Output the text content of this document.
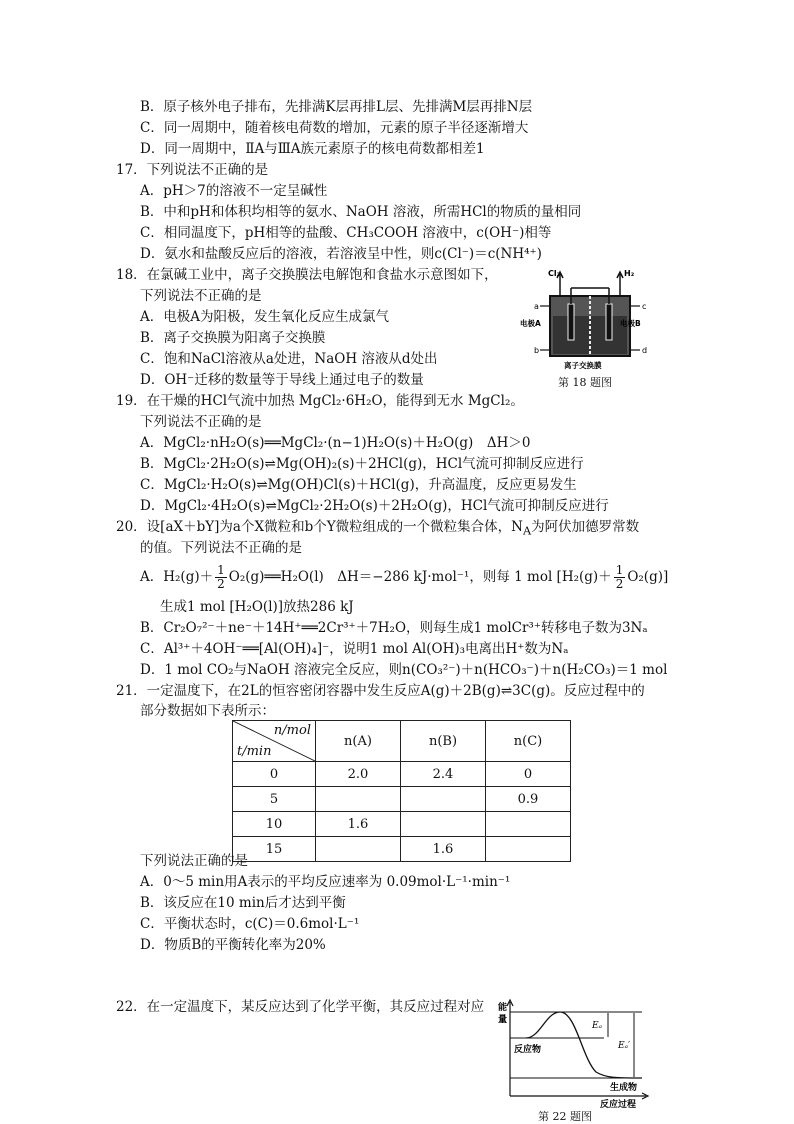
B．原子核外电子排布，先排满K层再排L层、先排满M层再排N层
C．同一周期中，随着核电荷数的增加，元素的原子半径逐渐增大
D．同一周期中，ⅡA与ⅢA族元素原子的核电荷数都相差1
17．下列说法不正确的是
A．pH＞7的溶液不一定呈碱性
B．中和pH和体积均相等的氨水、NaOH 溶液，所需HCl的物质的量相同
C．相同温度下，pH相等的盐酸、CH₃COOH 溶液中，c(OH⁻)相等
D．氨水和盐酸反应后的溶液，若溶液呈中性，则c(Cl⁻)＝c(NH⁴⁺)
18．在氯碱工业中，离子交换膜法电解饱和食盐水示意图如下，
下列说法不正确的是
A．电极A为阳极，发生氧化反应生成氯气
B．离子交换膜为阳离子交换膜
C．饱和NaCl溶液从a处进，NaOH 溶液从d处出
D．OH⁻迁移的数量等于导线上通过电子的数量
Cl₂	H₂
a	c
b	d
电极A	电极B
离子交换膜
第 18 题图
19．在干燥的HCl气流中加热 MgCl₂·6H₂O，能得到无水 MgCl₂。
下列说法不正确的是
A．MgCl₂·nH₂O(s)══MgCl₂·(n−1)H₂O(s)＋H₂O(g)　ΔH＞0
B．MgCl₂·2H₂O(s)⇌Mg(OH)₂(s)＋2HCl(g)，HCl气流可抑制反应进行
C．MgCl₂·H₂O(s)⇌Mg(OH)Cl(s)＋HCl(g)，升高温度，反应更易发生
D．MgCl₂·4H₂O(s)⇌MgCl₂·2H₂O(s)＋2H₂O(g)，HCl气流可抑制反应进行
20．设[aX＋bY]为a个X微粒和b个Y微粒组成的一个微粒集合体，$N_A$为阿伏加德罗常数
的值。下列说法不正确的是
A．$H_2(g)+ \frac{1}{2}$ O₂(g)══H₂O(l)　ΔH＝−286 kJ·mol⁻¹，则每 1 mol $[H_2(g)+ \frac{1}{2} O_2(g)]$
生成1 mol [H₂O(l)]放热286 kJ
B．Cr₂O₇²⁻＋ne⁻＋14H⁺══2Cr³⁺＋7H₂O，则每生成1 molCr³⁺转移电子数为3Nₐ
C．Al³⁺＋4OH⁻══[Al(OH)₄]⁻，说明1 mol Al(OH)₃电离出H⁺数为Nₐ
D．1 mol CO₂与NaOH 溶液完全反应，则n(CO₃²⁻)＋n(HCO₃⁻)＋n(H₂CO₃)＝1 mol
21．一定温度下，在2L的恒容密闭容器中发生反应A(g)＋2B(g)⇌3C(g)。反应过程中的
部分数据如下表所示：
n/mol
t/min	n(A)	n(B)	n(C)
0	2.0	2.4	0
5			0.9
10	1.6		
15		1.6	
下列说法正确的是
A．0～5 min用A表示的平均反应速率为 0.09mol·L⁻¹·min⁻¹
B．该反应在10 min后才达到平衡
C．平衡状态时，c(C)＝0.6mol·L⁻¹
D．物质B的平衡转化率为20%
22．在一定温度下，某反应达到了化学平衡，其反应过程对应 能
量
Eₐ
Eₐ′
反应物
生成物
反应过程
第 22 题图
